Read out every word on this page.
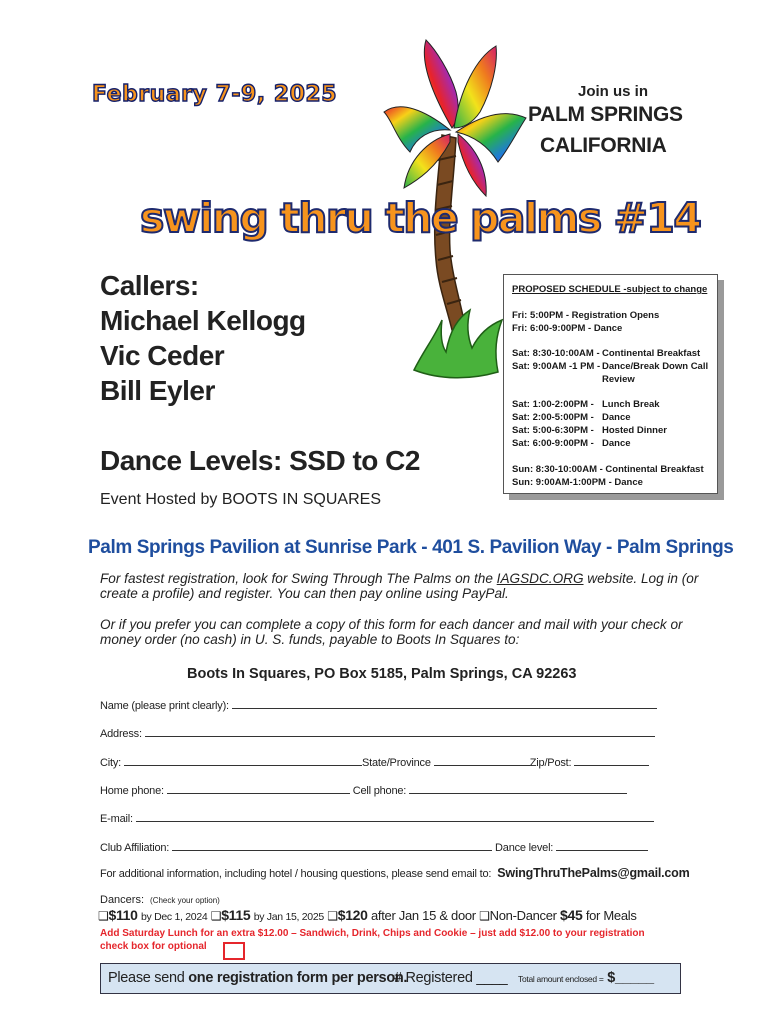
February 7-9, 2025	Join us in
PALM SPRINGS
CALIFORNIA
swing thru the palms #14
Callers:
Michael Kellogg
Vic Ceder
Bill Eyler
Dance Levels: SSD to C2
Event Hosted by BOOTS IN SQUARES
PROPOSED SCHEDULE -subject to change
Fri: 5:00PM - Registration Opens
Fri: 6:00-9:00PM - Dance
Sat: 8:30-10:00AM - Continental Breakfast
Sat: 9:00AM -1 PM - Dance/Break Down Call
Review
Sat: 1:00-2:00PM - Lunch Break
Sat: 2:00-5:00PM - Dance
Sat: 5:00-6:30PM - Hosted Dinner
Sat: 6:00-9:00PM - Dance
Sun: 8:30-10:00AM - Continental Breakfast
Sun: 9:00AM-1:00PM - Dance
Palm Springs Pavilion at Sunrise Park - 401 S. Pavilion Way - Palm Springs
For fastest registration, look for Swing Through The Palms on the IAGSDC.ORG website. Log in (or create a profile) and register. You can then pay online using PayPal.
Or if you prefer you can complete a copy of this form for each dancer and mail with your check or money order (no cash) in U. S. funds, payable to Boots In Squares to:
Boots In Squares, PO Box 5185, Palm Springs, CA 92263
Name (please print clearly):
Address:
City:	State/Province	Zip/Post:
Home phone:	Cell phone:
E-mail:
Club Affiliation:	Dance level:
For additional information, including hotel / housing questions, please send email to: SwingThruThePalms@gmail.com
Dancers: (Check your option)
❑$110 by Dec 1, 2024 ❑$115 by Jan 15, 2025 ❑$120 after Jan 15 & door ❑Non-Dancer $45 for Meals
Add Saturday Lunch for an extra $12.00 – Sandwich, Drink, Chips and Cookie – just add $12.00 to your registration check box for optional
Please send one registration form per person.
# Registered ____ Total amount enclosed = $_____
